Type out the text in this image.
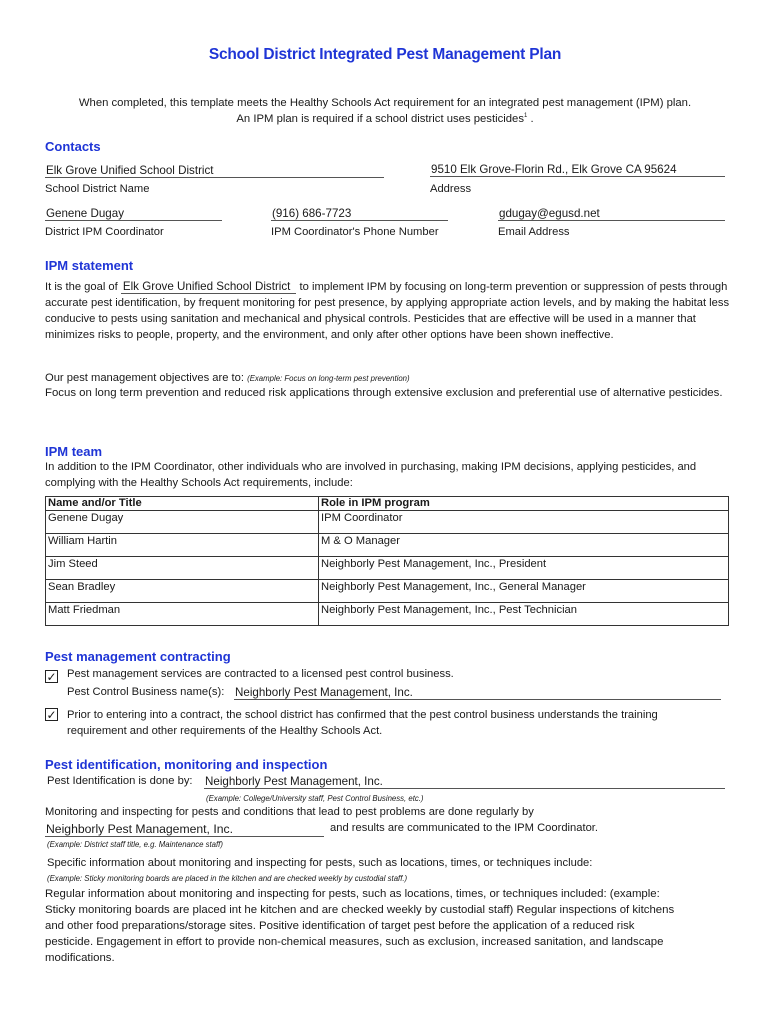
School District Integrated Pest Management Plan
When completed, this template meets the Healthy Schools Act requirement for an integrated pest management (IPM) plan.
An IPM plan is required if a school district uses pesticides$^1$ .
Contacts
Elk Grove Unified School District
School District Name
9510 Elk Grove-Florin Rd., Elk Grove CA 95624
Address
Genene Dugay
District IPM Coordinator
(916) 686-7723
IPM Coordinator's Phone Number
gdugay@egusd.net
Email Address
IPM statement
It is the goal of Elk Grove Unified School District to implement IPM by focusing on long-term prevention or suppression of pests through accurate pest identification, by frequent monitoring for pest presence, by applying appropriate action levels, and by making the habitat less conducive to pests using sanitation and mechanical and physical controls. Pesticides that are effective will be used in a manner that minimizes risks to people, property, and the environment, and only after other options have been shown ineffective.
Our pest management objectives are to: (Example: Focus on long-term pest prevention)
Focus on long term prevention and reduced risk applications through extensive exclusion and preferential use of alternative pesticides.
IPM team
In addition to the IPM Coordinator, other individuals who are involved in purchasing, making IPM decisions, applying pesticides, and complying with the Healthy Schools Act requirements, include:
Name and/or Title	Role in IPM program
Genene Dugay	IPM Coordinator
William Hartin	M & O Manager
Jim Steed	Neighborly Pest Management, Inc., President
Sean Bradley	Neighborly Pest Management, Inc., General Manager
Matt Friedman	Neighborly Pest Management, Inc., Pest Technician
Pest management contracting
✓ Pest management services are contracted to a licensed pest control business.
Pest Control Business name(s): Neighborly Pest Management, Inc.
✓ Prior to entering into a contract, the school district has confirmed that the pest control business understands the training requirement and other requirements of the Healthy Schools Act.
Pest identification, monitoring and inspection
Pest Identification is done by: Neighborly Pest Management, Inc.
(Example: College/University staff, Pest Control Business, etc.)
Monitoring and inspecting for pests and conditions that lead to pest problems are done regularly by
Neighborly Pest Management, Inc.	and results are communicated to the IPM Coordinator.
(Example: District staff title, e.g. Maintenance staff)
Specific information about monitoring and inspecting for pests, such as locations, times, or techniques include:
(Example: Sticky monitoring boards are placed in the kitchen and are checked weekly by custodial staff.)
Regular information about monitoring and inspecting for pests, such as locations, times, or techniques included: (example: Sticky monitoring boards are placed int he kitchen and are checked weekly by custodial staff) Regular inspections of kitchens and other food preparations/storage sites. Positive identification of target pest before the application of a reduced risk pesticide. Engagement in effort to provide non-chemical measures, such as exclusion, increased sanitation, and landscape modifications.
